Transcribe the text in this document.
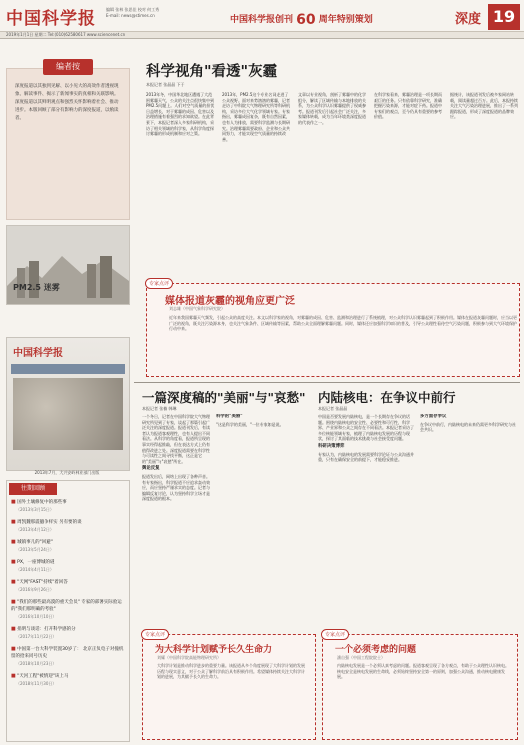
中国科学报	编辑 张林 张思佳 校对 何工秀
E-mail: news@stimes.cn	中国科学报创刊 60 周年特别策划	深度 19
2019年1月1日 星期二 Tel:(010)62580617 www.sciencenet.cn
编者按
深度报道以其独到见解、以小见大的高效作者透视现象、解读事件、揭示了新闻事实的真相和关联影响。深度报道以其鲜明观点和强烈关怀影响着社会、推动进步。本版回顾了部分有影响力的深度报道，以飨读者。
PM2.5 迷雾
中国科学报
2013年7月，大兴安岭林业部门出版
往期回顾
■ 国外土壤修复中的那些事
（2013年3月15日）
■ 周凯魏那震撼争样实 另有要的谈
（2013年4月12日）
■ 城镇事儿的"回避"
（2013年5月24日）
■ PX，一座博城的谜
（2014年4月11日）
■ "天网"FAST"持续"着回答
（2016年9月26日）
■ "我们的那些最高漠的重天会员" 专家的部署实际验运的"我们那明确的考验"
（2016年10月10日）
■ 捐明与谈话：打开科学感的分
（2017年11月22日）
■ 中国第一台大科学装置30岁了： 北京正负电子对撞机留的拾来同号历史
（2018年10月23日）
■ "天河工程"被情迎"该上马
（2018年11月30日）
科学视角"看透"灰霾
本报记者 张晶晶 下于
2013年冬，中国华北地区遭遇了大范围雾霾天气，公众的关注点很快集中到PM2.5问题上。人们对空气质量的担忧日益增长，对于雾霾的成因、危害以及治理措施有着强烈的求知欲望。在此背景下，本报记者深入多家科研机构，采访了相关领域的科学家，从科学角度探讨雾霾的形成机制和应对之策。
2013年，PM2.5这个专业名词走进了公众视野。面对来势汹汹的雾霾，记者走访了中科院大气物理研究所等科研机构，采访多位大气化学领域专家。专家指出，雾霾成因复杂，既有自然因素，也有人为排放，需要科学监测与长期研究。治理雾霾需要政府、企业和公众共同努力，才能实现空气质量的持续改善。
文章以专业视角，剖析了雾霾中的化学组分，解读了区域传输与本地排放的关系，为公众科学认识雾霾提供了权威参考。报道刊发后引起社会广泛关注，多家媒体转载，成为当年环境类深度报道的代表作之一。
在科学家看来，雾霾治理是一项长期而艰巨的任务。只有依靠科学研究，准确把握污染来源，才能对症下药。报道中专家们的观点，至今仍具有重要的参考价值。
据统计，该报道刊发后被多家网站转载，阅读量超过百万。此后，本报持续关注大气污染治理进展，推出了一系列跟踪报道，形成了深度报道的品牌效应。
专家点评
媒体报道灰霾的视角应更广泛
刘志雄（中国气象科学研究院）
近年来我国雾霾天气频发，引起公众的高度关注。本文以科学家的视角，对雾霾的成因、危害、监测和治理进行了系统梳理，对公众科学认识雾霾起到了积极作用。媒体在报道灰霾问题时，应当以更广泛的视角，既关注污染源本身，也关注气象条件、区域传输等因素，帮助公众全面理解雾霾问题。同时，媒体还应加强科学知识的普及，引导公众理性看待空气污染问题，积极参与到大气环境保护行动中来。
一篇深度稿的"美丽"与"哀愁"
本报记者 张楠 韩琳

一个冬日，记者在中国科学院大气物理研究所见到了专家，谈起了那篇引起广泛关注的深度报道。报道刊发后，有读者认为报道客观理性，也有人提出不同看法。从科学的角度看，报道所呈现的事实经得起推敲，但在表达方式上仍有值得改进之处。深度报道需要在科学性与可读性之间寻找平衡，这正是它的"美丽"与"哀愁"所在。

舆论反复

报道发出后，网络上出现了各种声音。有专家指出，科学报道不应追求轰动效应，而应坚持严谨求实的态度。记者与编辑反复讨论，认为坚持科学立场才是深度报道的根本。

科学的"美丽"

"这是科学的美丽，"一位专家如是说。

内陆核电：在争议中前行
本报记者 张晶晶

中国是否要发展内陆核电，是一个长期存在争议的话题。围绕内陆核电的安全性、必要性和可行性，科学界、产业界和公众之间存在不同看法。本报记者采访了多位核能领域专家，梳理了内陆核电发展的历程与现状，探讨了其面临的技术挑战与社会接受度问题。

科研决策博弈

专家认为，内陆核电的发展需要科学论证与公众沟通并重，只有在确保安全的前提下，才能稳妥推进。

多方面存争议

在争议中前行，内陆核电的未来仍需更多科学研究与社会共识。

专家点评
为大科学计划赋予长久生命力
刘耀（中国科学院高能物理研究所）
大科学计划是推动科学进步的重要力量。该报道从多个角度展现了大科学计划的发展历程与现实意义，对于公众了解科学前沿具有积极作用。希望媒体持续关注大科学计划的进展，为其赋予长久的生命力。
专家点评
一个必须考虑的问题
潘自强（中国工程院院士）
内陆核电发展是一个必须认真考虑的问题。报道客观呈现了各方观点，有助于公众理性认识核电。核电安全是核电发展的生命线，必须始终坚持安全第一的原则，加强公众沟通，推动核电健康发展。
